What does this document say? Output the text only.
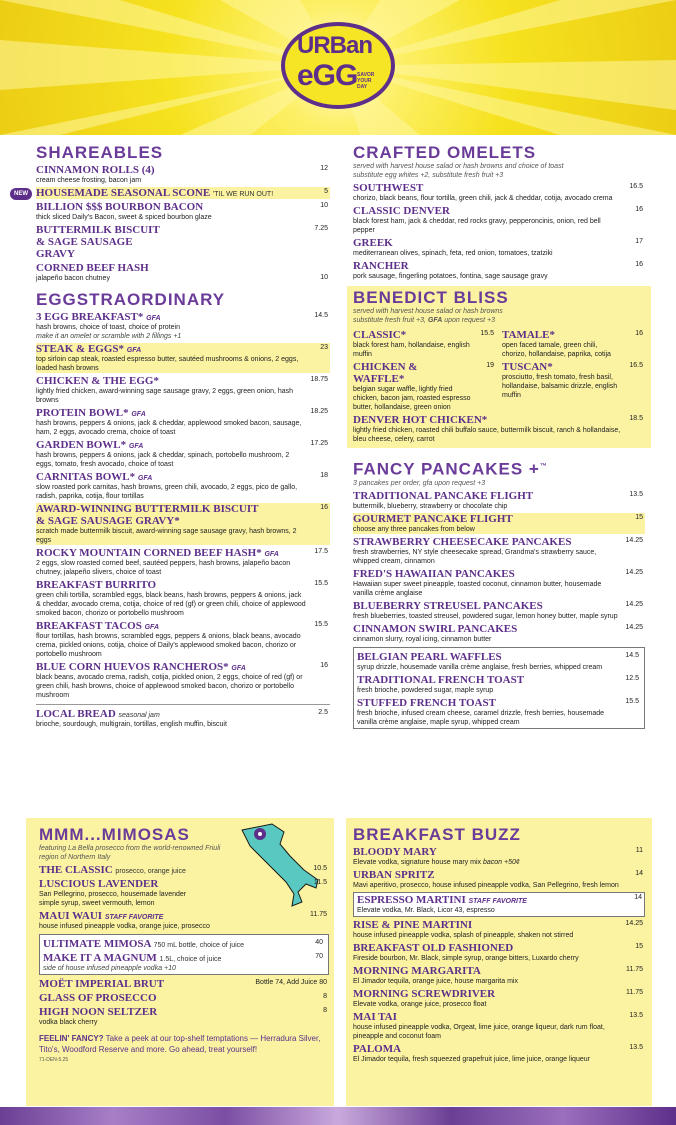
URBan
eGG SAVOR YOUR DAY
SHAREABLES
CINNAMON ROLLS (4)
cream cheese frosting, bacon jam
12
NEW HOUSEMADE SEASONAL SCONE 'TIL WE RUN OUT!	5
BILLION $$$ BOURBON BACON
thick sliced Daily's Bacon, sweet & spiced bourbon glaze
10
BUTTERMILK BISCUIT & SAGE SAUSAGE GRAVY
7.25
CORNED BEEF HASH
jalapeño bacon chutney	10
EGGSTRAORDINARY
3 EGG BREAKFAST* GFA
hash browns, choice of toast, choice of protein
make it an omelet or scramble with 2 fillings +1
14.5
STEAK & EGGS* GFA
top sirloin cap steak, roasted espresso butter, sautéed mushrooms & onions, 2 eggs, loaded hash browns
23
CHICKEN & THE EGG*
lightly fried chicken, award-winning sage sausage gravy, 2 eggs, green onion, hash browns
18.75
PROTEIN BOWL* GFA
hash browns, peppers & onions, jack & cheddar, applewood smoked bacon, sausage, ham, 2 eggs, avocado crema, choice of toast
18.25
GARDEN BOWL* GFA
hash browns, peppers & onions, jack & cheddar, spinach, portobello mushroom, 2 eggs, tomato, fresh avocado, choice of toast
17.25
CARNITAS BOWL* GFA
slow roasted pork carnitas, hash browns, green chili, avocado, 2 eggs, pico de gallo, radish, paprika, cotija, flour tortillas
18
AWARD-WINNING BUTTERMILK BISCUIT & SAGE SAUSAGE GRAVY*
scratch made buttermilk biscuit, award-winning sage sausage gravy, hash browns, 2 eggs
16
ROCKY MOUNTAIN CORNED BEEF HASH* GFA
2 eggs, slow roasted corned beef, sautéed peppers, hash browns, jalapeño bacon chutney, jalapeño slivers, choice of toast
17.5
BREAKFAST BURRITO
green chili tortilla, scrambled eggs, black beans, hash browns, peppers & onions, jack & cheddar, avocado crema, cotija, choice of red (gf) or green chili, choice of applewood smoked bacon, chorizo or portobello mushroom
15.5
BREAKFAST TACOS GFA
flour tortillas, hash browns, scrambled eggs, peppers & onions, black beans, avocado crema, pickled onions, cotija, choice of Daily's applewood smoked bacon, chorizo or portobello mushroom
15.5
BLUE CORN HUEVOS RANCHEROS* GFA
black beans, avocado crema, radish, cotija, pickled onion, 2 eggs, choice of red (gf) or green chili, hash browns, choice of applewood smoked bacon, chorizo or portobello mushroom
16
LOCAL BREAD seasonal jam
brioche, sourdough, multigrain, tortillas, english muffin, biscuit
2.5
MMM...MIMOSAS
featuring La Bella prosecco from the world-renowned Friuli region of Northern Italy
THE CLASSIC prosecco, orange juice	10.5
LUSCIOUS LAVENDER
San Pellegrino, prosecco, housemade lavender simple syrup, sweet vermouth, lemon
11.5
MAUI WAUI STAFF FAVORITE
house infused pineapple vodka, orange juice, prosecco
11.75
ULTIMATE MIMOSA 750 mL bottle, choice of juice	40
MAKE IT A MAGNUM 1.5L, choice of juice
side of house infused pineapple vodka +10
70
MOËT IMPERIAL BRUT	Bottle 74, Add Juice 80
GLASS OF PROSECCO	8
HIGH NOON SELTZER
vodka black cherry
8
FEELIN' FANCY? Take a peek at our top-shelf temptations — Herradura Silver, Tito's, Woodford Reserve and more. Go ahead, treat yourself!
71-DEN-5.25
CRAFTED OMELETS
served with harvest house salad or hash browns and choice of toast
substitute egg whites +2, substitute fresh fruit +3
SOUTHWEST
chorizo, black beans, flour tortilla, green chili, jack & cheddar, cotija, avocado crema
16.5
CLASSIC DENVER
black forest ham, jack & cheddar, red rocks gravy, pepperoncinis, onion, red bell pepper
16
GREEK
mediterranean olives, spinach, feta, red onion, tomatoes, tzatziki
17
RANCHER
pork sausage, fingerling potatoes, fontina, sage sausage gravy
16
BENEDICT BLISS
served with harvest house salad or hash browns
substitute fresh fruit +3, GFA upon request +3
CLASSIC*
black forest ham, hollandaise, english muffin
15.5
CHICKEN & WAFFLE*
belgian sugar waffle, lightly fried chicken, bacon jam, roasted espresso butter, hollandaise, green onion
19
TAMALE*
open faced tamale, green chili, chorizo, hollandaise, paprika, cotija
16
TUSCAN*
prosciutto, fresh tomato, fresh basil, hollandaise, balsamic drizzle, english muffin
16.5
DENVER HOT CHICKEN*
lightly fried chicken, roasted chili buffalo sauce, buttermilk biscuit, ranch & hollandaise, bleu cheese, celery, carrot
18.5
FANCY PANCAKES +™
3 pancakes per order, gfa upon request +3
TRADITIONAL PANCAKE FLIGHT
buttermilk, blueberry, strawberry or chocolate chip
13.5
GOURMET PANCAKE FLIGHT
choose any three pancakes from below
15
STRAWBERRY CHEESECAKE PANCAKES
fresh strawberries, NY style cheesecake spread, Grandma's strawberry sauce, whipped cream, cinnamon
14.25
FRED'S HAWAIIAN PANCAKES
Hawaiian super sweet pineapple, toasted coconut, cinnamon butter, housemade vanilla crème anglaise
14.25
BLUEBERRY STREUSEL PANCAKES
fresh blueberries, toasted streusel, powdered sugar, lemon honey butter, maple syrup
14.25
CINNAMON SWIRL PANCAKES
cinnamon slurry, royal icing, cinnamon butter
14.25
BELGIAN PEARL WAFFLES
syrup drizzle, housemade vanilla crème anglaise, fresh berries, whipped cream
14.5
TRADITIONAL FRENCH TOAST
fresh brioche, powdered sugar, maple syrup
12.5
STUFFED FRENCH TOAST
fresh brioche, infused cream cheese, caramel drizzle, fresh berries, housemade vanilla crème anglaise, maple syrup, whipped cream
15.5
BREAKFAST BUZZ
BLOODY MARY
Elevate vodka, signature house mary mix bacon +50¢
11
URBAN SPRITZ
Mavi aperitivo, prosecco, house infused pineapple vodka, San Pellegrino, fresh lemon
14
ESPRESSO MARTINI STAFF FAVORITE
Elevate vodka, Mr. Black, Licor 43, espresso
14
RISE & PINE MARTINI
house infused pineapple vodka, splash of pineapple, shaken not stirred
14.25
BREAKFAST OLD FASHIONED
Fireside bourbon, Mr. Black, simple syrup, orange bitters, Luxardo cherry
15
MORNING MARGARITA
El Jimador tequila, orange juice, house margarita mix
11.75
MORNING SCREWDRIVER
Elevate vodka, orange juice, prosecco float
11.75
MAI TAI
house infused pineapple vodka, Orgeat, lime juice, orange liqueur, dark rum float, pineapple and coconut foam
13.5
PALOMA
El Jimador tequila, fresh squeezed grapefruit juice, lime juice, orange liqueur
13.5
